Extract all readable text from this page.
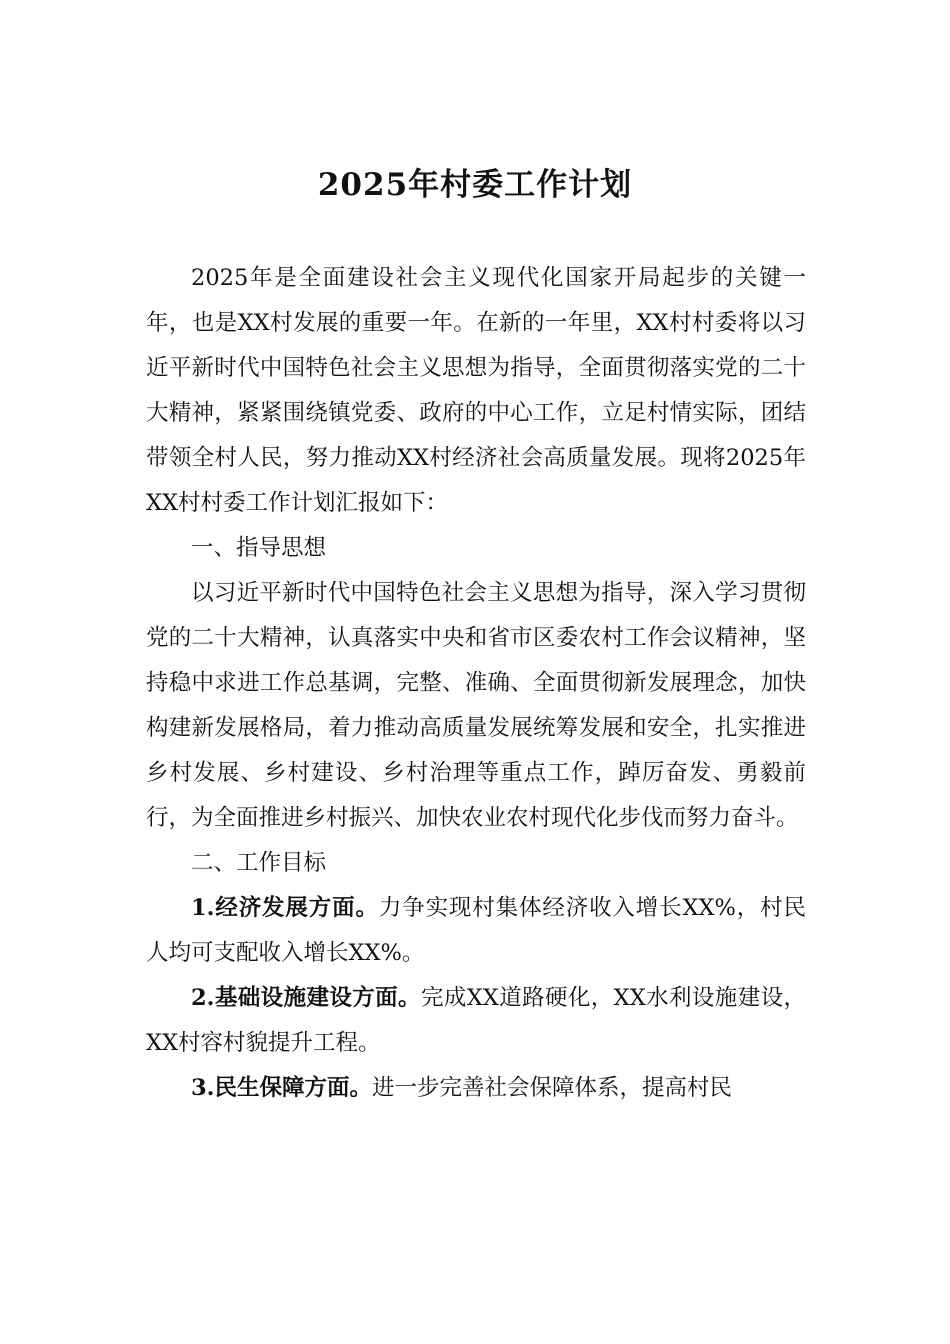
2025年村委工作计划

2025年是全面建设社会主义现代化国家开局起步的关键一年，也是XX村发展的重要一年。在新的一年里，XX村村委将以习近平新时代中国特色社会主义思想为指导，全面贯彻落实党的二十大精神，紧紧围绕镇党委、政府的中心工作，立足村情实际，团结带领全村人民，努力推动XX村经济社会高质量发展。现将2025年XX村村委工作计划汇报如下：

一、指导思想

以习近平新时代中国特色社会主义思想为指导，深入学习贯彻党的二十大精神，认真落实中央和省市区委农村工作会议精神，坚持稳中求进工作总基调，完整、准确、全面贯彻新发展理念，加快构建新发展格局，着力推动高质量发展统筹发展和安全，扎实推进乡村发展、乡村建设、乡村治理等重点工作，踔厉奋发、勇毅前行，为全面推进乡村振兴、加快农业农村现代化步伐而努力奋斗。

二、工作目标

1.经济发展方面。力争实现村集体经济收入增长XX%，村民人均可支配收入增长XX%。

2.基础设施建设方面。完成XX道路硬化，XX水利设施建设，XX村容村貌提升工程。

3.民生保障方面。进一步完善社会保障体系，提高村民
